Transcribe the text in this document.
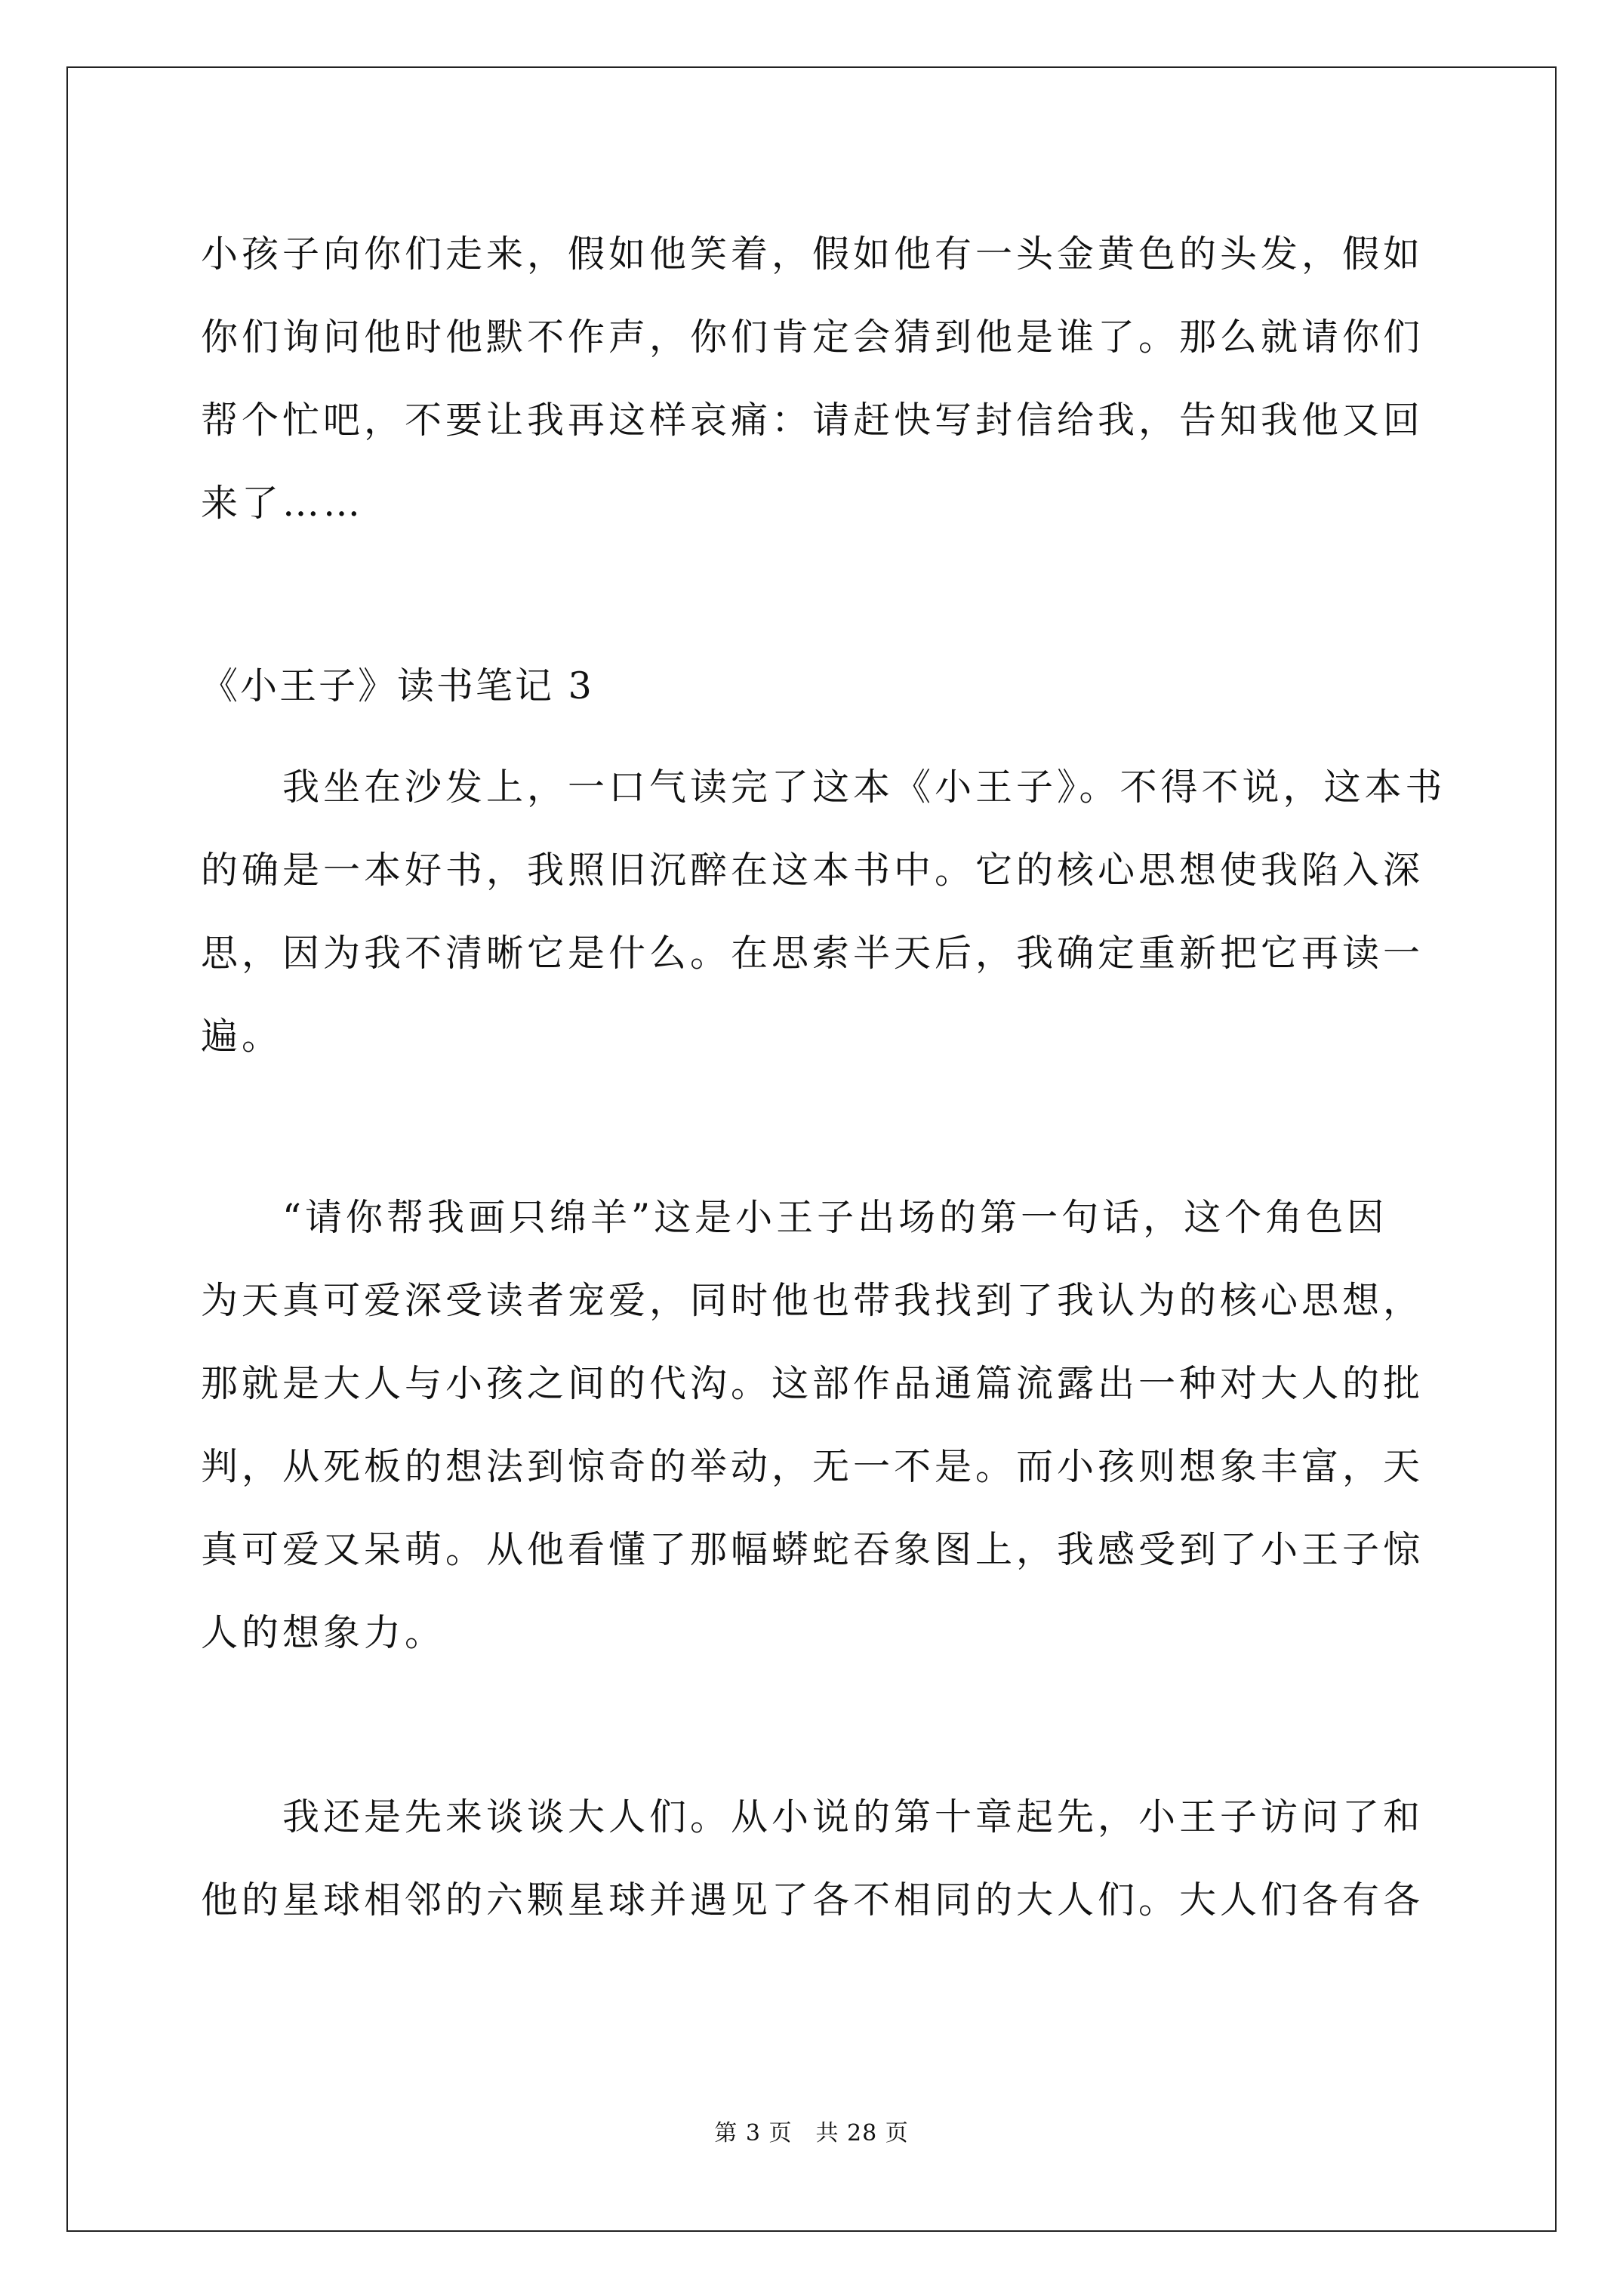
小孩子向你们走来，假如他笑着，假如他有一头金黄色的头发，假如
你们询问他时他默不作声，你们肯定会猜到他是谁了。那么就请你们
帮个忙吧，不要让我再这样哀痛：请赶快写封信给我，告知我他又回
来了……
《小王子》读书笔记 3
　　我坐在沙发上，一口气读完了这本《小王子》。不得不说，这本书
的确是一本好书，我照旧沉醉在这本书中。它的核心思想使我陷入深
思，因为我不清晰它是什么。在思索半天后，我确定重新把它再读一
遍。
　　“请你帮我画只绵羊”这是小王子出场的第一句话，这个角色因
为天真可爱深受读者宠爱，同时他也带我找到了我认为的核心思想，
那就是大人与小孩之间的代沟。这部作品通篇流露出一种对大人的批
判，从死板的想法到惊奇的举动，无一不是。而小孩则想象丰富，天
真可爱又呆萌。从他看懂了那幅蟒蛇吞象图上，我感受到了小王子惊
人的想象力。
　　我还是先来谈谈大人们。从小说的第十章起先，小王子访问了和
他的星球相邻的六颗星球并遇见了各不相同的大人们。大人们各有各
第 3 页　共 28 页
